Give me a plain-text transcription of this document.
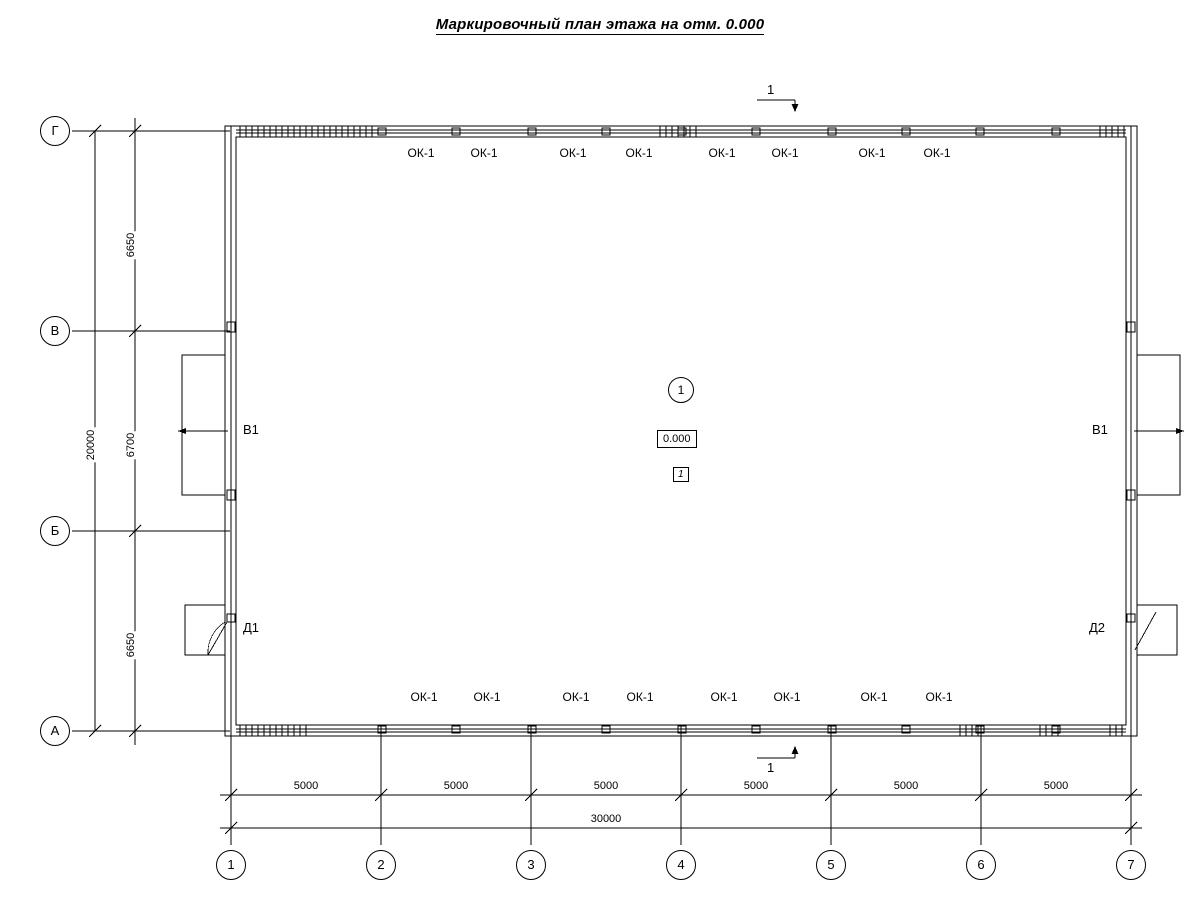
Маркировочный план этажа на отм. 0.000
Г
В
Б
А
1	2	3	4	5	6	7
6650
6700
6650
20000
5000	5000	5000	5000	5000	5000
30000
ОК-1	ОК-1	ОК-1	ОК-1	ОК-1	ОК-1	ОК-1	ОК-1
ОК-1	ОК-1	ОК-1	ОК-1	ОК-1	ОК-1	ОК-1	ОК-1
В1	В1
Д1	Д2
1
1
1
0.000
1
